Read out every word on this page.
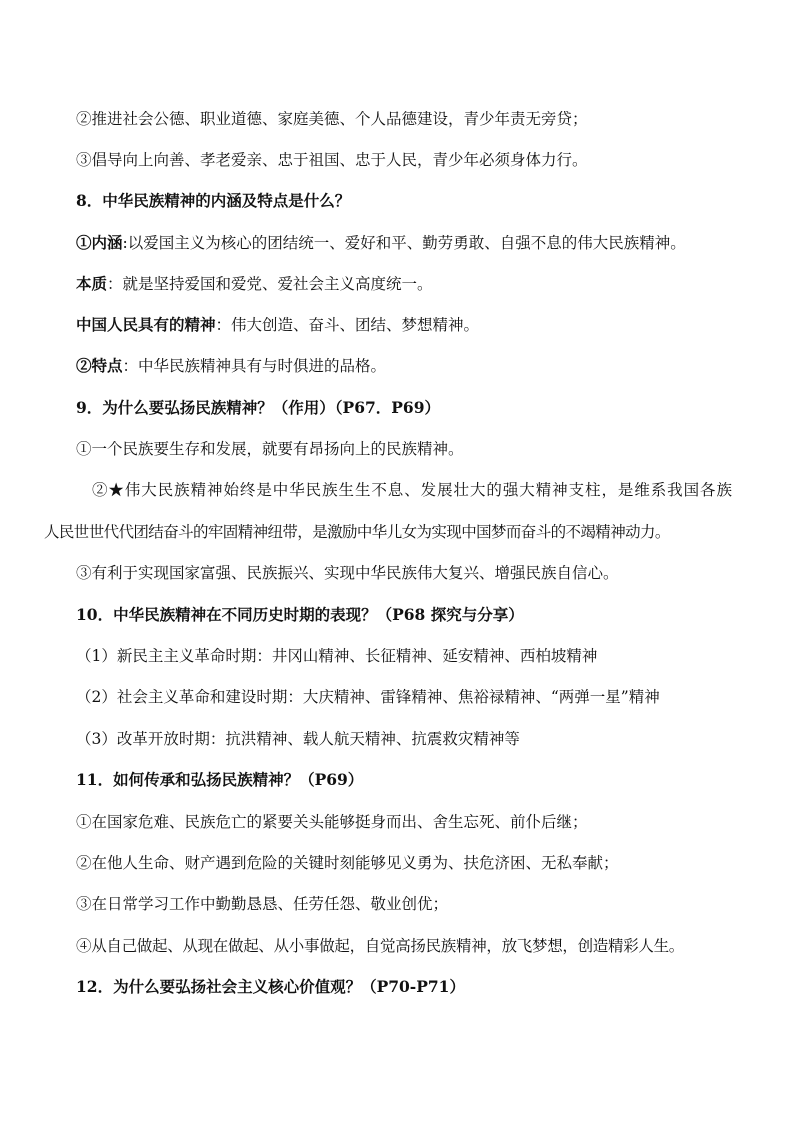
②推进社会公德、职业道德、家庭美德、个人品德建设，青少年责无旁贷；
③倡导向上向善、孝老爱亲、忠于祖国、忠于人民，青少年必须身体力行。
8．中华民族精神的内涵及特点是什么？
①内涵:以爱国主义为核心的团结统一、爱好和平、勤劳勇敢、自强不息的伟大民族精神。
本质：就是坚持爱国和爱党、爱社会主义高度统一。
中国人民具有的精神：伟大创造、奋斗、团结、梦想精神。
②特点：中华民族精神具有与时俱进的品格。
9．为什么要弘扬民族精神？（作用）（P67．P69）
①一个民族要生存和发展，就要有昂扬向上的民族精神。
②★伟大民族精神始终是中华民族生生不息、发展壮大的强大精神支柱，是维系我国各族
人民世世代代团结奋斗的牢固精神纽带，是激励中华儿女为实现中国梦而奋斗的不竭精神动力。
③有利于实现国家富强、民族振兴、实现中华民族伟大复兴、增强民族自信心。
10．中华民族精神在不同历史时期的表现？（P68 探究与分享）
（1）新民主主义革命时期：井冈山精神、长征精神、延安精神、西柏坡精神
（2）社会主义革命和建设时期：大庆精神、雷锋精神、焦裕禄精神、“两弹一星”精神
（3）改革开放时期：抗洪精神、载人航天精神、抗震救灾精神等
11．如何传承和弘扬民族精神？（P69）
①在国家危难、民族危亡的紧要关头能够挺身而出、舍生忘死、前仆后继；
②在他人生命、财产遇到危险的关键时刻能够见义勇为、扶危济困、无私奉献；
③在日常学习工作中勤勤恳恳、任劳任怨、敬业创优；
④从自己做起、从现在做起、从小事做起，自觉高扬民族精神，放飞梦想，创造精彩人生。
12．为什么要弘扬社会主义核心价值观？（P70-P71）
